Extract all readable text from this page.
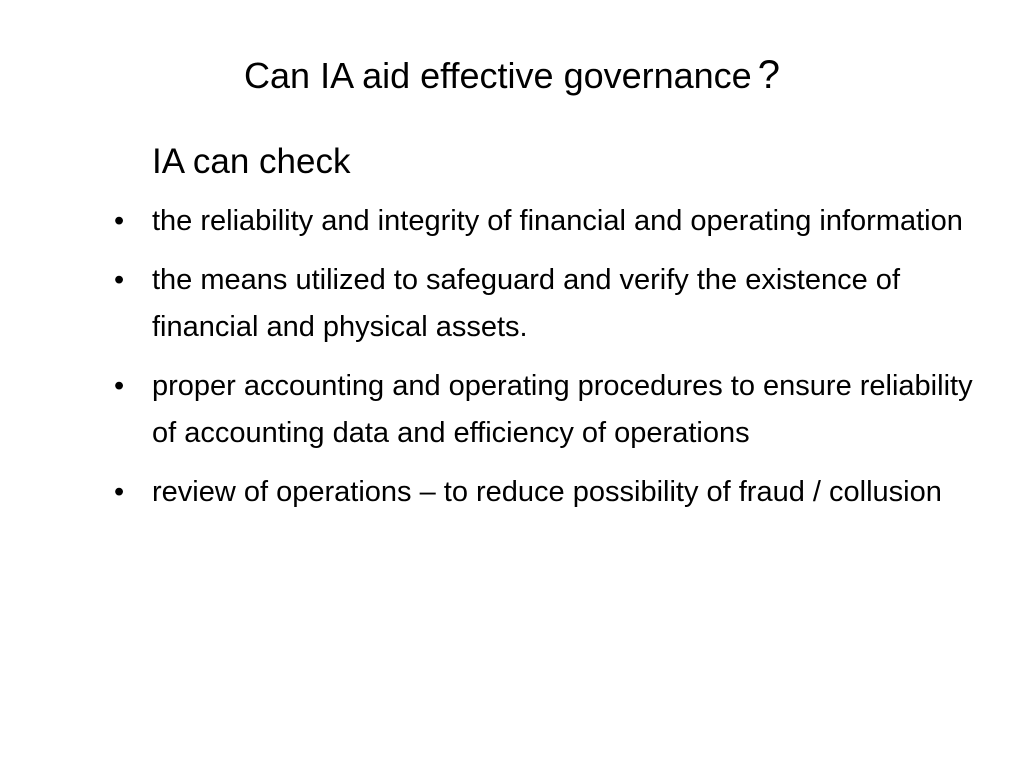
Can IA aid effective governance ?
IA can check
• the reliability and integrity of financial and operating information
• the means utilized to safeguard and verify the existence of financial and physical assets.
• proper accounting and operating procedures to ensure reliability of accounting data and efficiency of operations
• review of operations – to reduce possibility of fraud / collusion
